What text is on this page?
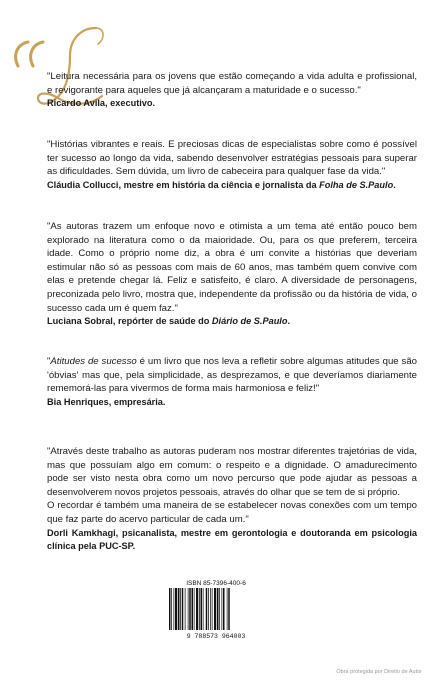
"Leitura necessária para os jovens que estão começando a vida adulta e profissional, e revigorante para aqueles que já alcançaram a maturidade e o sucesso."

Ricardo Avila, executivo.

"Histórias vibrantes e reais. E preciosas dicas de especialistas sobre como é possível ter sucesso ao longo da vida, sabendo desenvolver estratégias pessoais para superar as dificuldades. Sem dúvida, um livro de cabeceira para qualquer fase da vida."

Cláudia Collucci, mestre em história da ciência e jornalista da Folha de S.Paulo.

"As autoras trazem um enfoque novo e otimista a um tema até então pouco bem explorado na literatura como o da maioridade. Ou, para os que preferem, terceira idade. Como o próprio nome diz, a obra é um convite a histórias que deveriam estimular não só as pessoas com mais de 60 anos, mas também quem convive com elas e pretende chegar lá. Feliz e satisfeito, é claro. A diversidade de personagens, preconizada pelo livro, mostra que, independente da profissão ou da história de vida, o sucesso cada um é quem faz."

Luciana Sobral, repórter de saúde do Diário de S.Paulo.

"Atitudes de sucesso é um livro que nos leva a refletir sobre algumas atitudes que são 'óbvias' mas que, pela simplicidade, as desprezamos, e que deveríamos diariamente rememorá-las para vivermos de forma mais harmoniosa e feliz!"

Bia Henriques, empresária.

"Através deste trabalho as autoras puderam nos mostrar diferentes trajetórias de vida, mas que possuíam algo em comum: o respeito e a dignidade. O amadurecimento pode ser visto nesta obra como um novo percurso que pode ajudar as pessoas a desenvolverem novos projetos pessoais, através do olhar que se tem de si próprio.

O recordar é também uma maneira de se estabelecer novas conexões com um tempo que faz parte do acervo particular de cada um."

Dorli Kamkhagi, psicanalista, mestre em gerontologia e doutoranda em psicologia clínica pela PUC-SP.

ISBN 85-7396-400-6
9 788573 964003
Obra protegida por Direito de Autor
